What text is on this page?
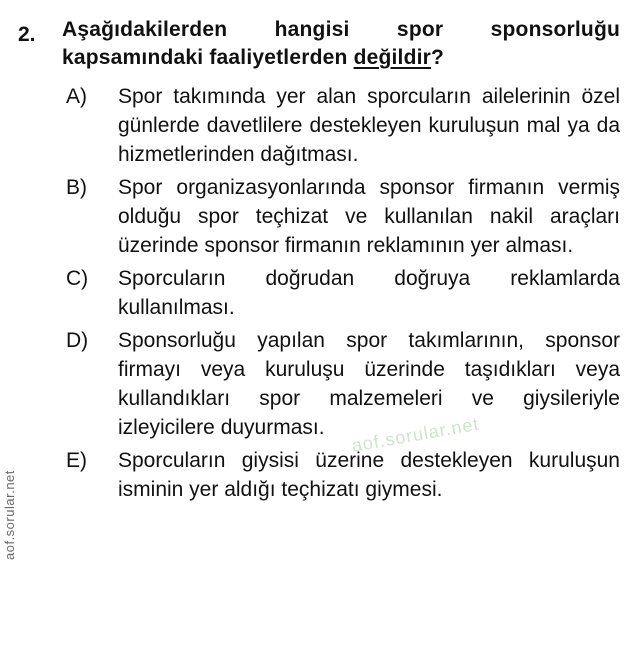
2.	Aşağıdakilerden hangisi spor sponsorluğu kapsamındaki faaliyetlerden değildir?
A)	Spor takımında yer alan sporcuların ailelerinin özel günlerde davetlilere destekleyen kuruluşun mal ya da hizmetlerinden dağıtması.
B)	Spor organizasyonlarında sponsor firmanın vermiş olduğu spor teçhizat ve kullanılan nakil araçları üzerinde sponsor firmanın reklamının yer alması.
C)	Sporcuların doğrudan doğruya reklamlarda kullanılması.
D)	Sponsorluğu yapılan spor takımlarının, sponsor firmayı veya kuruluşu üzerinde taşıdıkları veya kullandıkları spor malzemeleri ve giysileriyle izleyicilere duyurması.
E)	Sporcuların giysisi üzerine destekleyen kuruluşun isminin yer aldığı teçhizatı giymesi.
aof.sorular.net
aof.sorular.net
